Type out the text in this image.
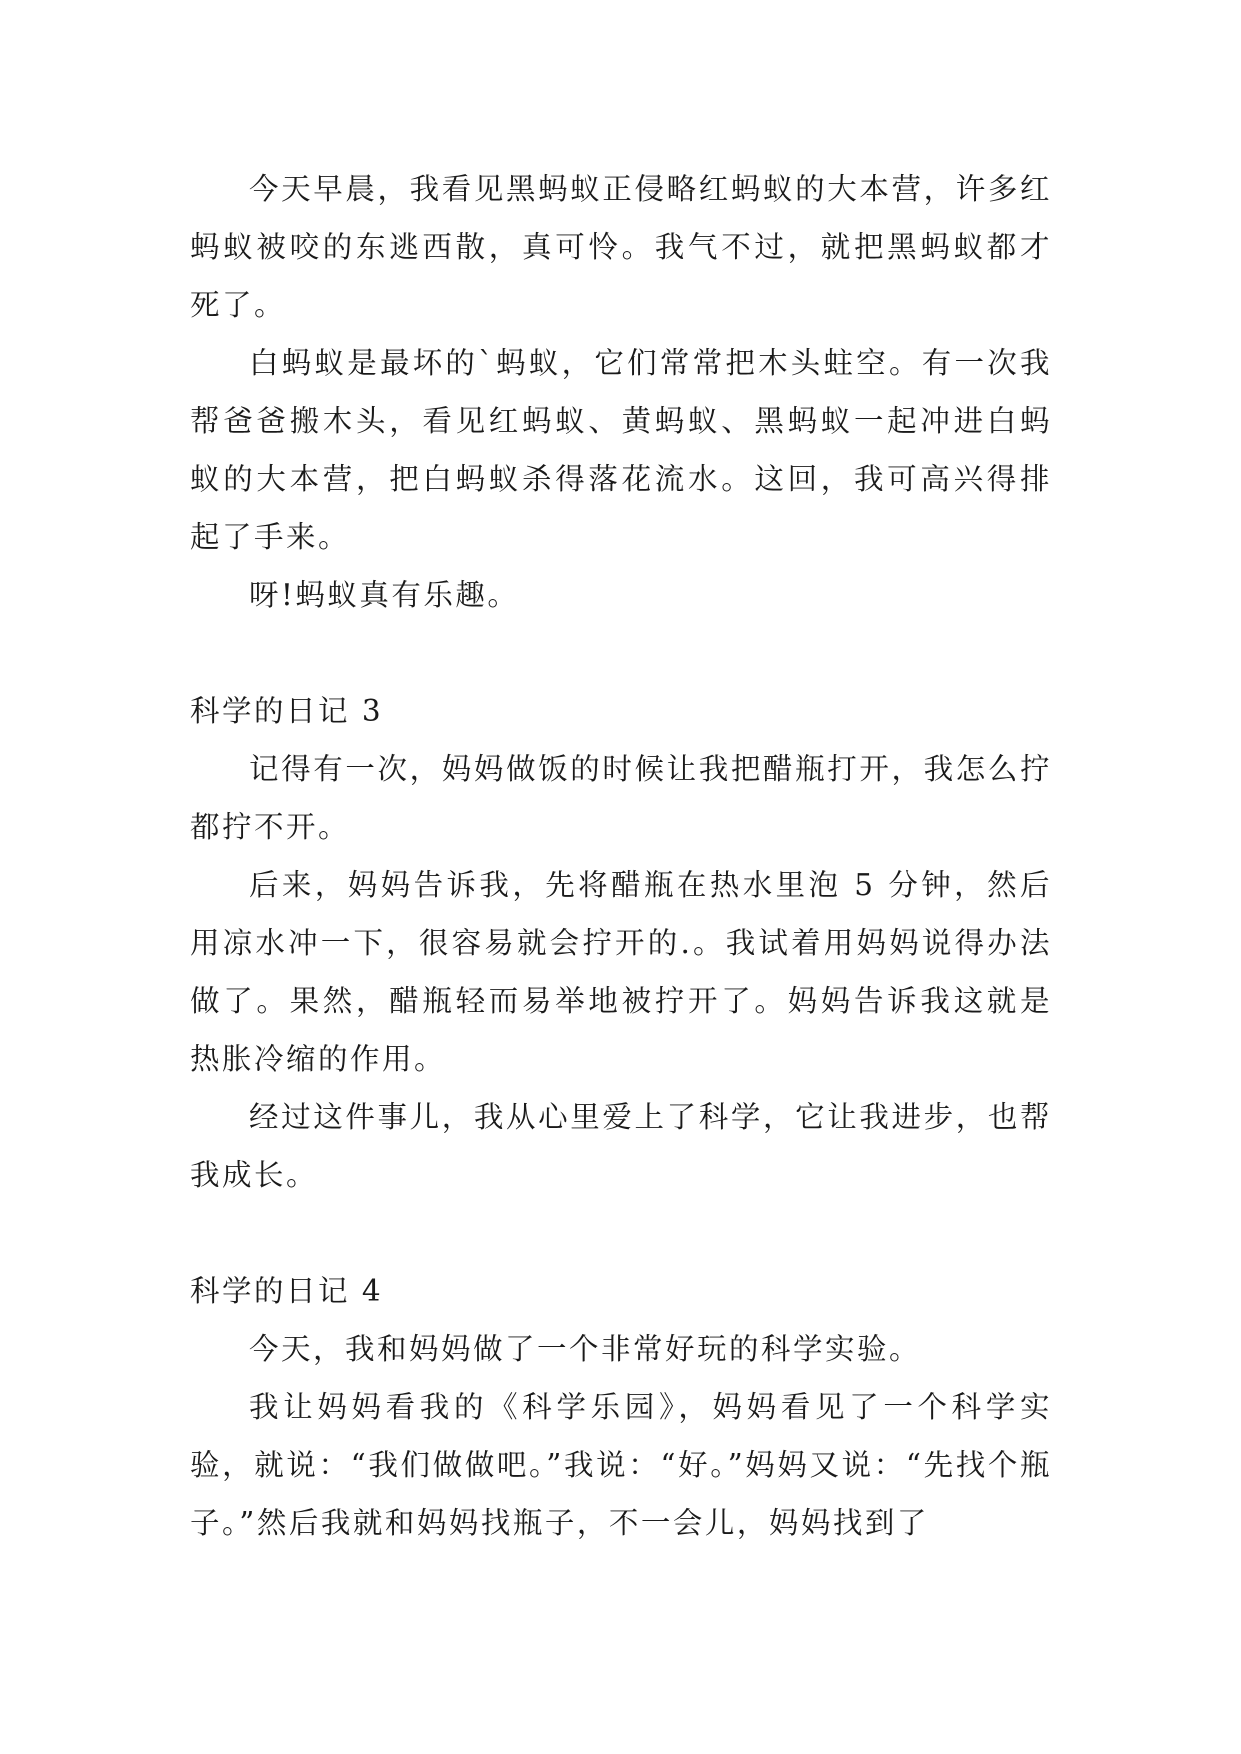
今天早晨，我看见黑蚂蚁正侵略红蚂蚁的大本营，许多红蚂蚁被咬的东逃西散，真可怜。我气不过，就把黑蚂蚁都才死了。

白蚂蚁是最坏的`蚂蚁，它们常常把木头蛀空。有一次我帮爸爸搬木头，看见红蚂蚁、黄蚂蚁、黑蚂蚁一起冲进白蚂蚁的大本营，把白蚂蚁杀得落花流水。这回，我可高兴得排起了手来。

呀!蚂蚁真有乐趣。

科学的日记 3

记得有一次，妈妈做饭的时候让我把醋瓶打开，我怎么拧都拧不开。

后来，妈妈告诉我，先将醋瓶在热水里泡 5 分钟，然后用凉水冲一下，很容易就会拧开的.。我试着用妈妈说得办法做了。果然，醋瓶轻而易举地被拧开了。妈妈告诉我这就是热胀冷缩的作用。

经过这件事儿，我从心里爱上了科学，它让我进步，也帮我成长。

科学的日记 4

今天，我和妈妈做了一个非常好玩的科学实验。

我让妈妈看我的《科学乐园》，妈妈看见了一个科学实验，就说：“我们做做吧。”我说：“好。”妈妈又说：“先找个瓶子。”然后我就和妈妈找瓶子，不一会儿，妈妈找到了
